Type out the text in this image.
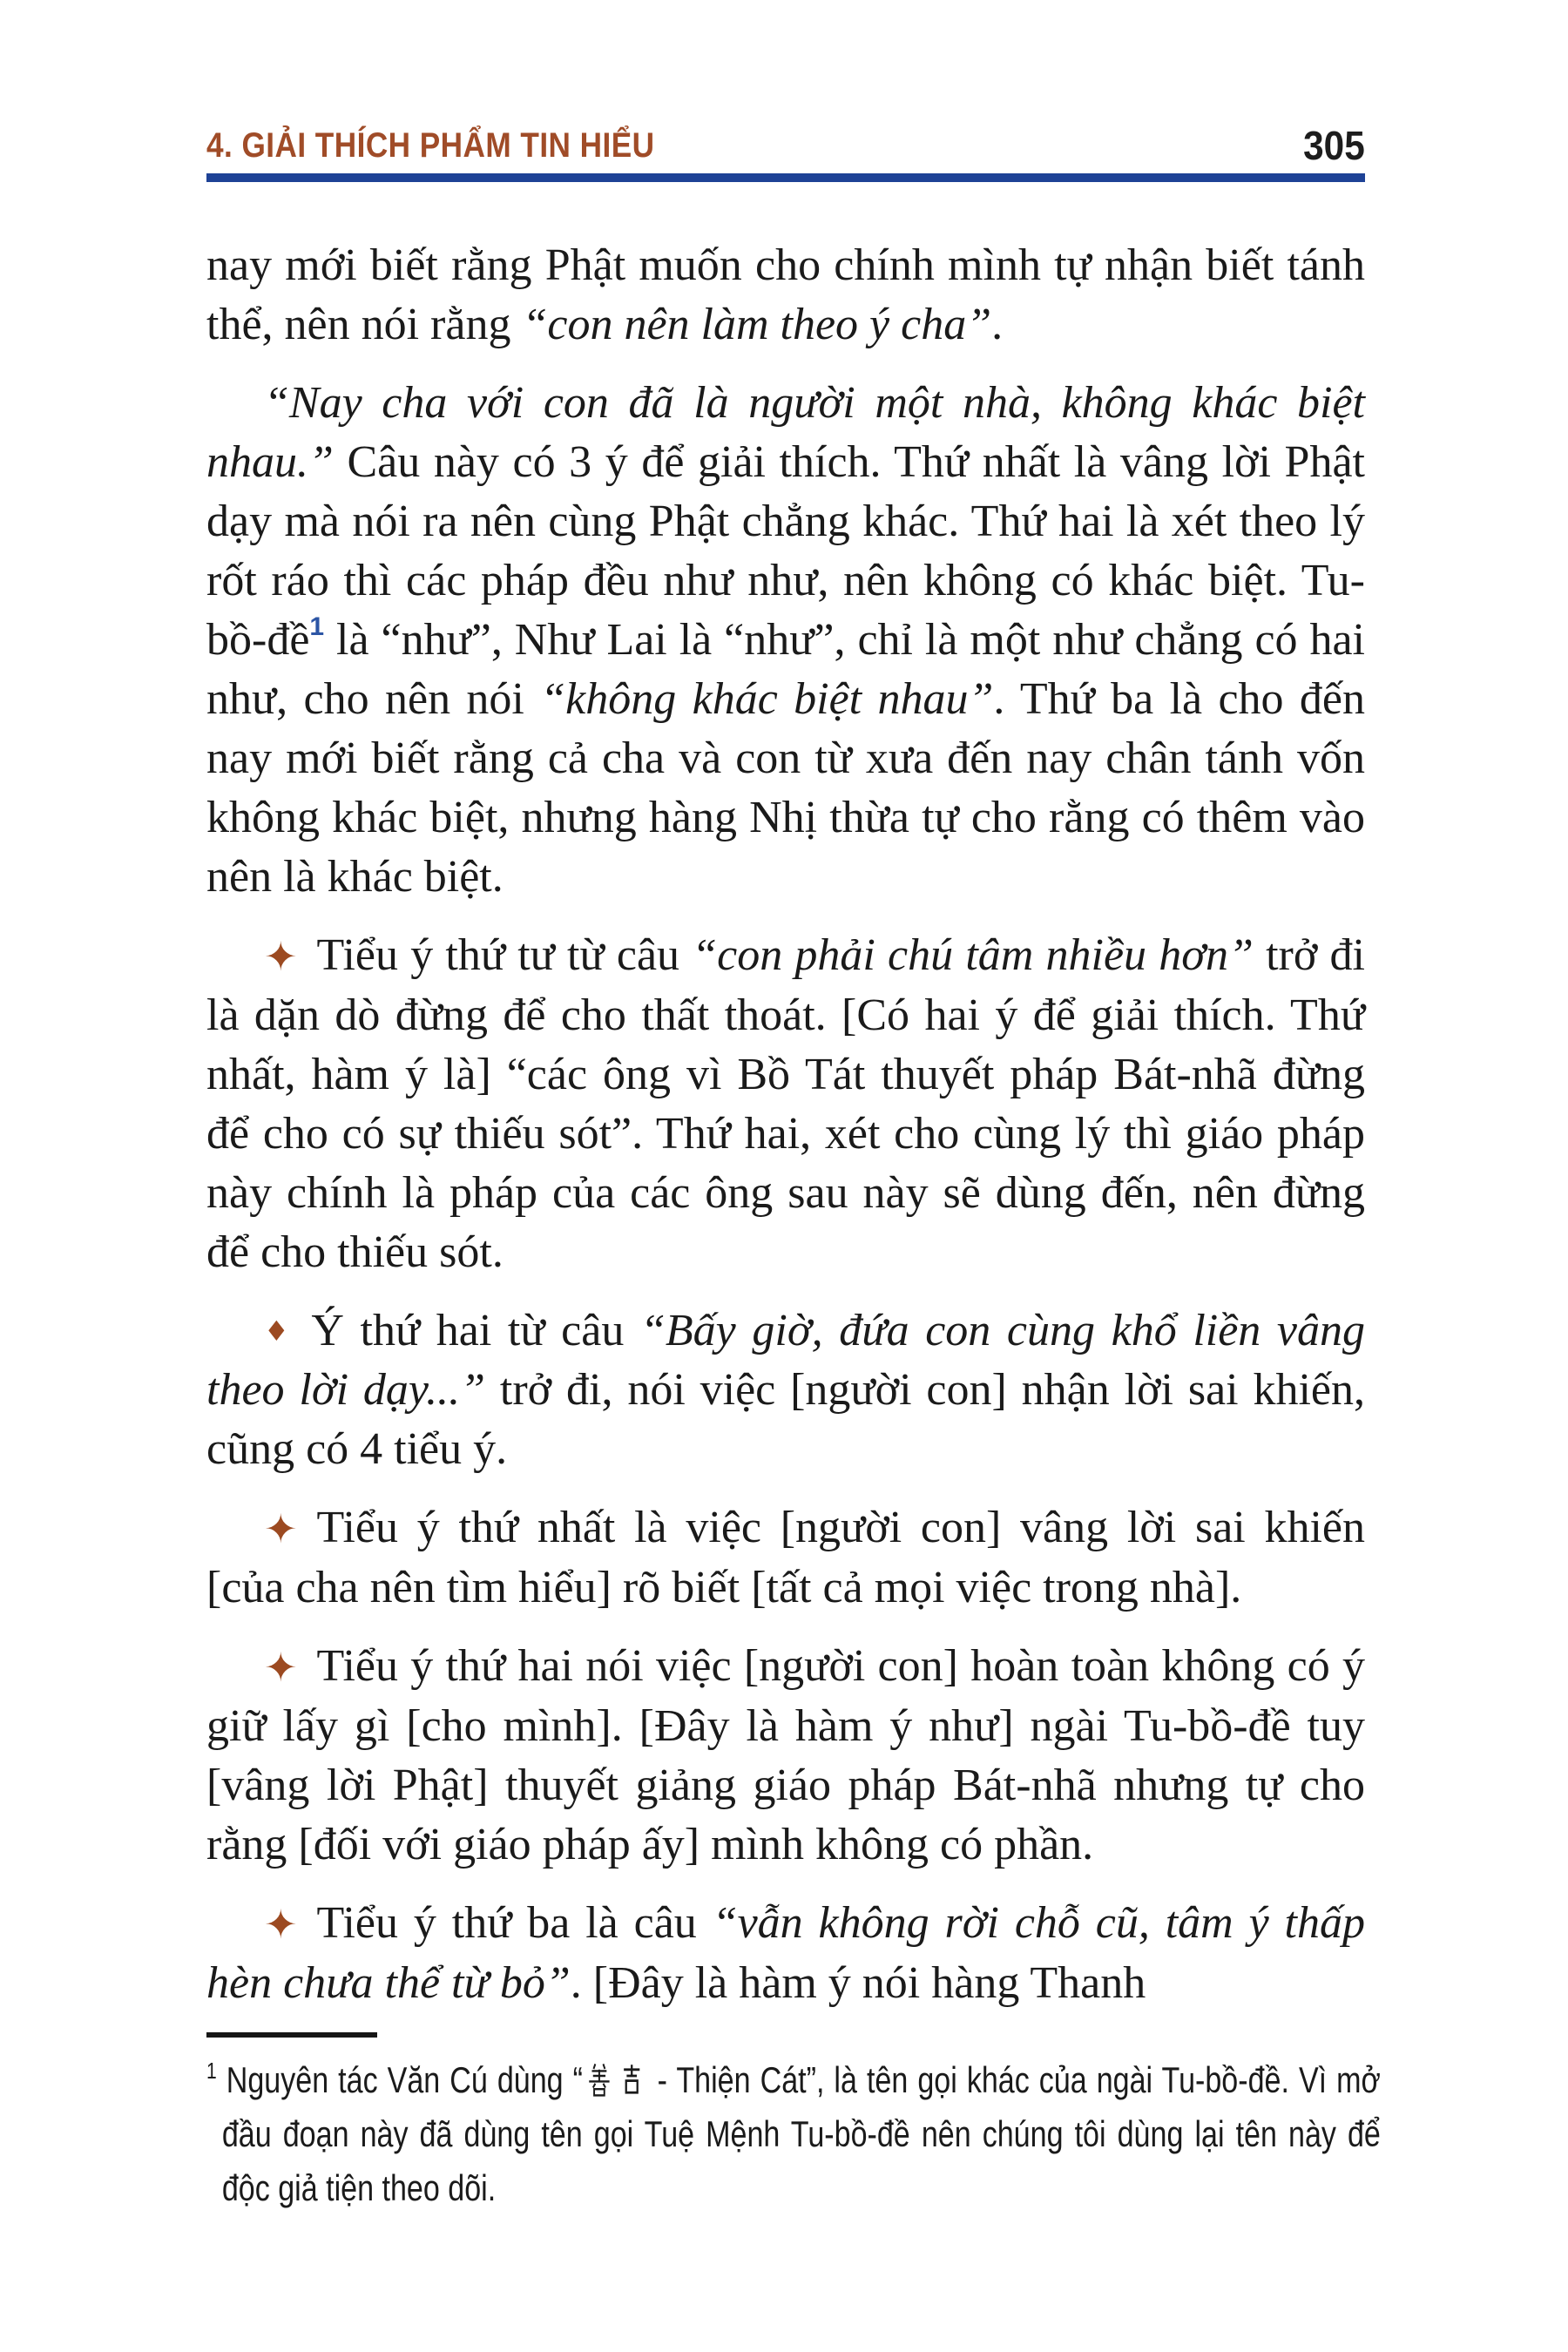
4. GIẢI THÍCH PHẨM TIN HIỂU	305

nay mới biết rằng Phật muốn cho chính mình tự nhận biết tánh thể, nên nói rằng “con nên làm theo ý cha”.

“Nay cha với con đã là người một nhà, không khác biệt nhau.” Câu này có 3 ý để giải thích. Thứ nhất là vâng lời Phật dạy mà nói ra nên cùng Phật chẳng khác. Thứ hai là xét theo lý rốt ráo thì các pháp đều như như, nên không có khác biệt. Tu-bồ-đề$^1$ là “như”, Như Lai là “như”, chỉ là một như chẳng có hai như, cho nên nói “không khác biệt nhau”. Thứ ba là cho đến nay mới biết rằng cả cha và con từ xưa đến nay chân tánh vốn không khác biệt, nhưng hàng Nhị thừa tự cho rằng có thêm vào nên là khác biệt.

✦ Tiểu ý thứ tư từ câu “con phải chú tâm nhiều hơn” trở đi là dặn dò đừng để cho thất thoát. [Có hai ý để giải thích. Thứ nhất, hàm ý là] “các ông vì Bồ Tát thuyết pháp Bát-nhã đừng để cho có sự thiếu sót”. Thứ hai, xét cho cùng lý thì giáo pháp này chính là pháp của các ông sau này sẽ dùng đến, nên đừng để cho thiếu sót.

♦ Ý thứ hai từ câu “Bấy giờ, đứa con cùng khổ liền vâng theo lời dạy...” trở đi, nói việc [người con] nhận lời sai khiến, cũng có 4 tiểu ý.

✦ Tiểu ý thứ nhất là việc [người con] vâng lời sai khiến [của cha nên tìm hiểu] rõ biết [tất cả mọi việc trong nhà].

✦ Tiểu ý thứ hai nói việc [người con] hoàn toàn không có ý giữ lấy gì [cho mình]. [Đây là hàm ý như] ngài Tu-bồ-đề tuy [vâng lời Phật] thuyết giảng giáo pháp Bát-nhã nhưng tự cho rằng [đối với giáo pháp ấy] mình không có phần.

✦ Tiểu ý thứ ba là câu “vẫn không rời chỗ cũ, tâm ý thấp hèn chưa thể từ bỏ”. [Đây là hàm ý nói hàng Thanh

$^1$ Nguyên tác Văn Cú dùng “ - Thiện Cát”, là tên gọi khác của ngài Tu-bồ-đề. Vì mở đầu đoạn này đã dùng tên gọi Tuệ Mệnh Tu-bồ-đề nên chúng tôi dùng lại tên này để độc giả tiện theo dõi.
